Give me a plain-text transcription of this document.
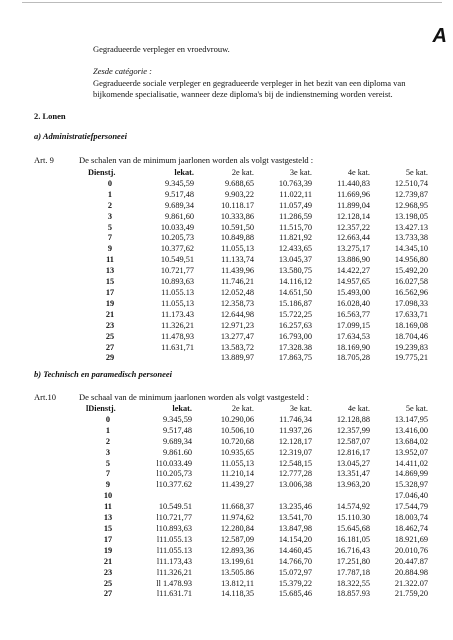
A
Gegradueerde verpleger en vroedvrouw.
Zesde catégorie :
Gegradueerde sociale verpleger en gegradueerde verpleger in het bezit van een diploma van bijkomende specialisatie, wanneer deze diploma's bij de indienstneming worden vereist.
2. Lonen
a) Administratiefpersoneei
Art. 9	De schalen van de minimum jaarlonen worden als volgt vastgesteld :
Dienstj.	lekat.	2e kat.	3e kat.	4e kat.	5e kat.
0	9.345,59	9.688,65	10.763,39	11.440,83	12.510,74
1	9.517,48	9.903,22	11.022,11	11.669,96	12.739,87
2	9.689,34	10.118.17	11.057,49	11.899,04	12.968,95
3	9.861,60	10.333,86	11.286,59	12.128,14	13.198,05
5	10.033,49	10.591,50	11.515,70	12.357,22	13.427.13
7	10.205,73	10.849,88	11.821,92	12.663,44	13.733,38
9	10.377,62	11.055,13	12.433,65	13.275,17	14.345,10
11	10.549,51	11.133,74	13.045,37	13.886,90	14.956,80
13	10.721,77	11.439,96	13.580,75	14.422,27	15.492,20
15	10.893,63	11.746,21	14.116,12	14.957,65	16.027,58
17	11.055.13	12.052,48	14.651,50	15.493,00	16.562,96
19	11.055,13	12.358,73	15.186,87	16.028,40	17.098,33
21	11.173.43	12.644,98	15.722,25	16.563,77	17.633,71
23	11.326,21	12.971,23	16.257,63	17.099,15	18.169,08
25	11.478,93	13.277,47	16.793,00	17.634,53	18.704,46
27	11.631,71	13.583,72	17.328.38	18.169,90	19.239,83
29		13.889,97	17.863,75	18.705,28	19.775,21
b) Technisch en paramedisch personeei
Art.10	De schaal van de minimum jaarlonen worden als volgt vastgesteld :
lDienstj.	lekat.	2e kat.	3e kat.	4e kat.	5e kat.
0	9.345,59	10.290,06	11.746,34	12.128,88	13.147,95
1	9.517,48	10.506,10	11.937,26	12.357,99	13.416,00
2	9.689,34	10.720,68	12.128,17	12.587,07	13.684,02
3	9.861.60	10.935,65	12.319,07	12.816,17	13.952,07
5	l10.033.49	11.055,13	12.548,15	13.045,27	14.411,02
7	l10.205,73	11.210,14	12.777,28	13.351,47	14.869,99
9	l10.377.62	11.439,27	13.006,38	13.963,20	15.328,97
10					17.046,40
11	10.549.51	11.668,37	13.235,46	14.574,92	17.544,79
13	l10.721,77	11.974,62	13.541,70	15.110.30	18.003,74
15	l10.893,63	12.280,84	13.847,98	15.645,68	18.462,74
17	l11.055.13	12.587,09	14.154,20	16.181,05	18.921,69
19	l11.055.13	12.893,36	14.460,45	16.716,43	20.010,76
21	l11.173,43	13.199,61	14.766,70	17.251,80	20.447.87
23	l11.326,21	13.505.86	15.072,97	17.787,18	20.884.98
25	ll 1.478.93	13.812,11	15.379,22	18.322,55	21.322.07
27	l11.631.71	14.118,35	15.685,46	18.857.93	21.759,20
